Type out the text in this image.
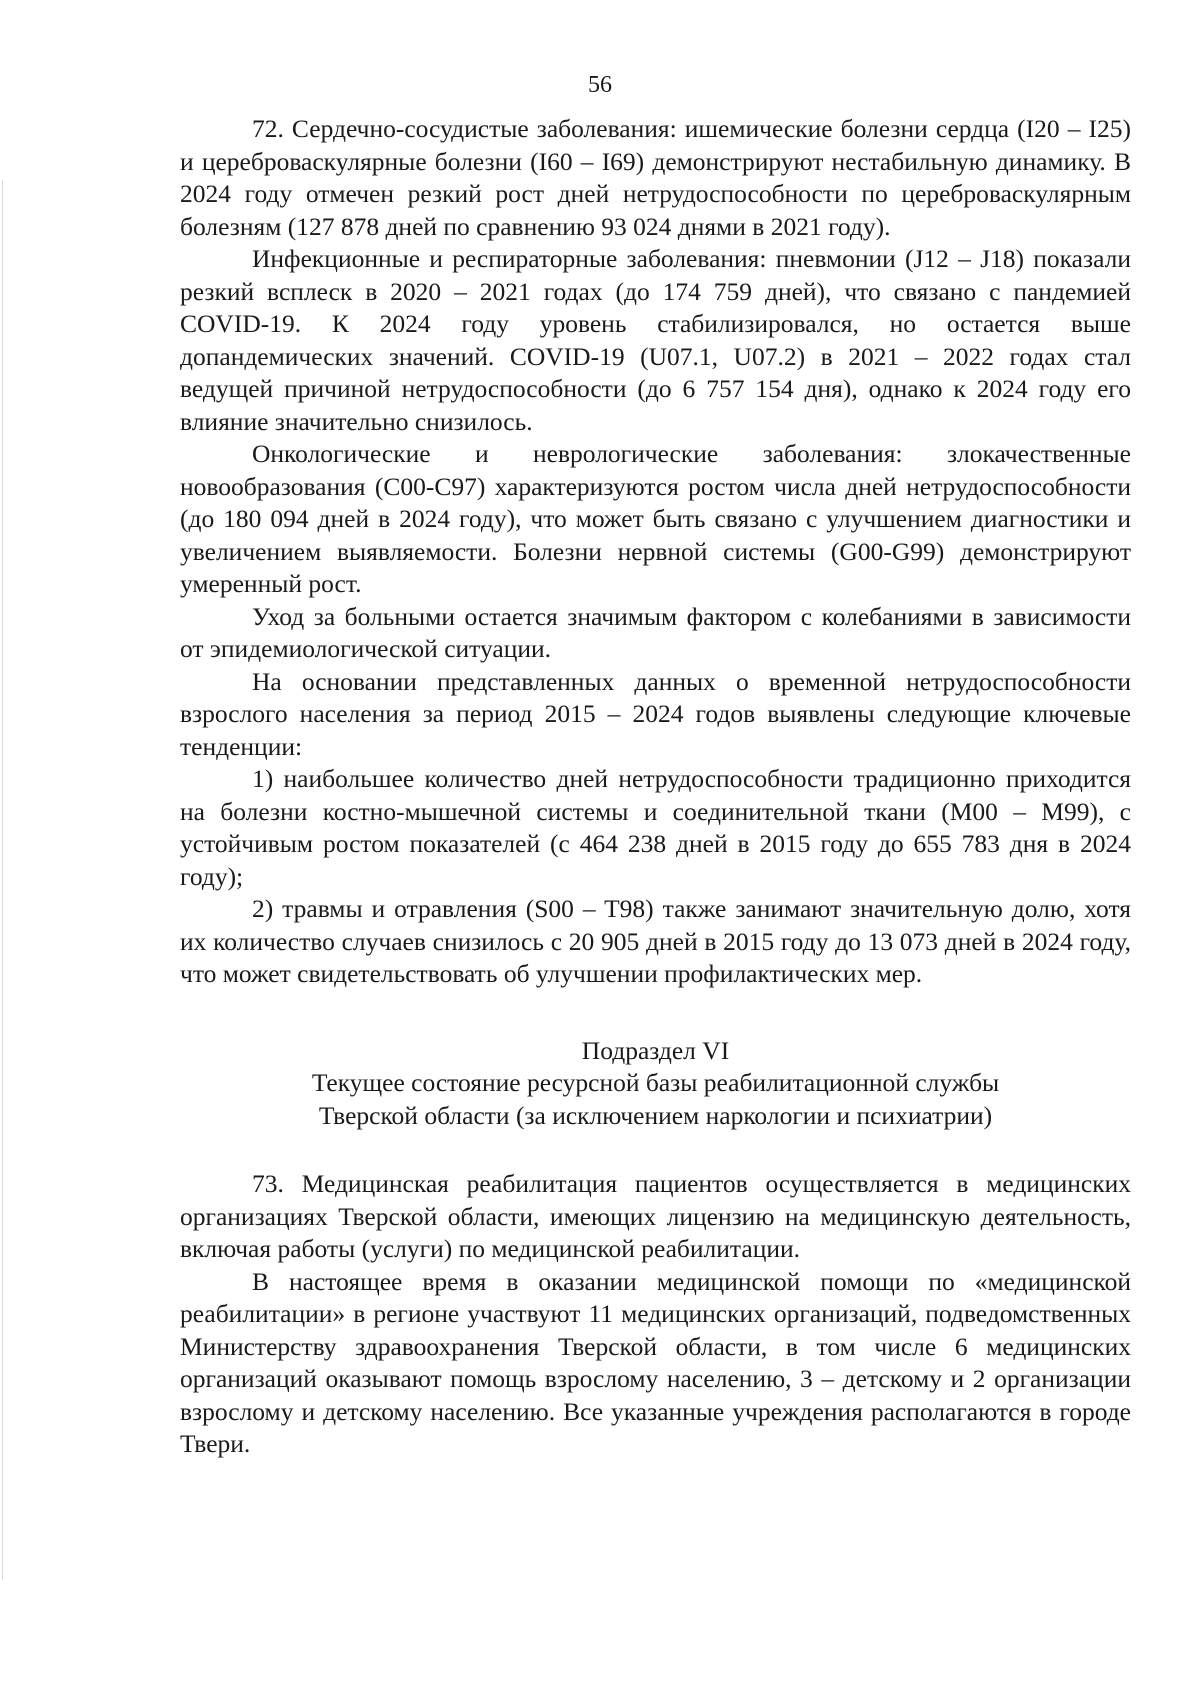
56

72. Сердечно-сосудистые заболевания: ишемические болезни сердца (I20 – I25) и цереброваскулярные болезни (I60 – I69) демонстрируют нестабильную динамику. В 2024 году отмечен резкий рост дней нетрудоспособности по цереброваскулярным болезням (127 878 дней по сравнению 93 024 днями в 2021 году).

Инфекционные и респираторные заболевания: пневмонии (J12 – J18) показали резкий всплеск в 2020 – 2021 годах (до 174 759 дней), что связано с пандемией COVID-19. К 2024 году уровень стабилизировался, но остается выше допандемических значений. COVID-19 (U07.1, U07.2) в 2021 – 2022 годах стал ведущей причиной нетрудоспособности (до 6 757 154 дня), однако к 2024 году его влияние значительно снизилось.

Онкологические и неврологические заболевания: злокачественные новообразования (C00-C97) характеризуются ростом числа дней нетрудоспособности (до 180 094 дней в 2024 году), что может быть связано с улучшением диагностики и увеличением выявляемости. Болезни нервной системы (G00-G99) демонстрируют умеренный рост.

Уход за больными остается значимым фактором с колебаниями в зависимости от эпидемиологической ситуации.

На основании представленных данных о временной нетрудоспособности взрослого населения за период 2015 – 2024 годов выявлены следующие ключевые тенденции:

1) наибольшее количество дней нетрудоспособности традиционно приходится на болезни костно-мышечной системы и соединительной ткани (M00 – M99), с устойчивым ростом показателей (с 464 238 дней в 2015 году до 655 783 дня в 2024 году);

2) травмы и отравления (S00 – T98) также занимают значительную долю, хотя их количество случаев снизилось с 20 905 дней в 2015 году до 13 073 дней в 2024 году, что может свидетельствовать об улучшении профилактических мер.

Подраздел VI

Текущее состояние ресурсной базы реабилитационной службы

Тверской области (за исключением наркологии и психиатрии)

73. Медицинская реабилитация пациентов осуществляется в медицинских организациях Тверской области, имеющих лицензию на медицинскую деятельность, включая работы (услуги) по медицинской реабилитации.

В настоящее время в оказании медицинской помощи по «медицинской реабилитации» в регионе участвуют 11 медицинских организаций, подведомственных Министерству здравоохранения Тверской области, в том числе 6 медицинских организаций оказывают помощь взрослому населению, 3 – детскому и 2 организации взрослому и детскому населению. Все указанные учреждения располагаются в городе Твери.
